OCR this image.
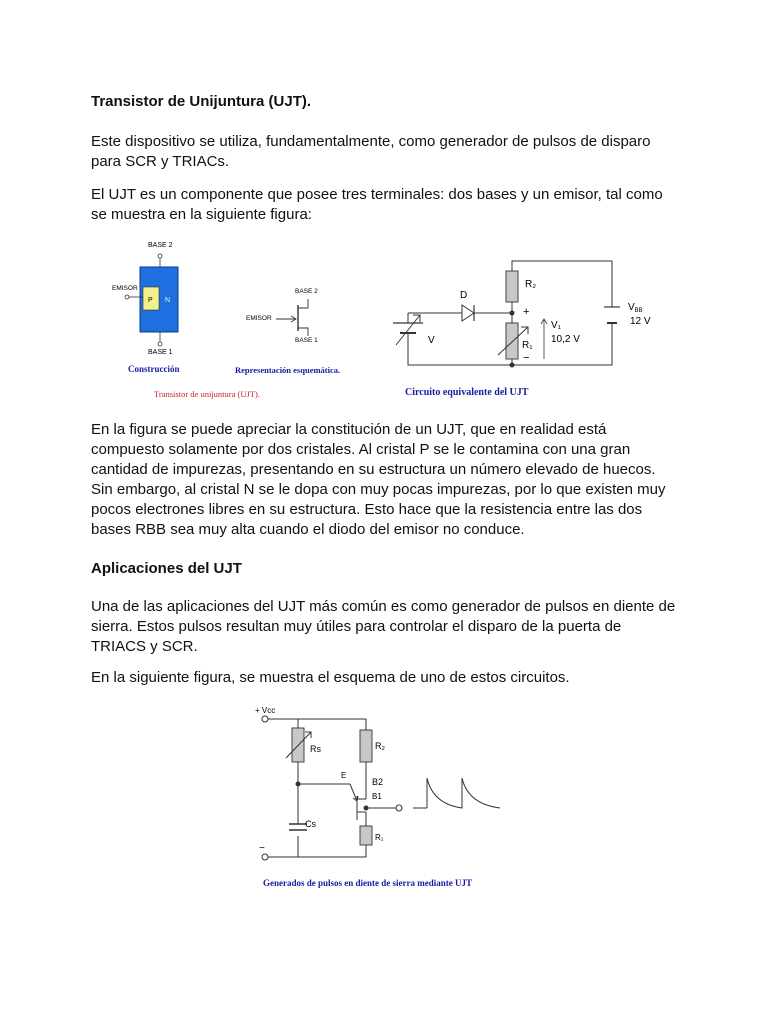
Transistor de Unijuntura (UJT).
Este dispositivo se utiliza, fundamentalmente, como generador de pulsos de disparo
para SCR y TRIACs.
El UJT es un componente que posee tres terminales: dos bases y un emisor, tal como
se muestra en la siguiente figura:
BASE 2
P N
EMISOR
BASE 1
Construcción
BASE 2
EMISOR
BASE 1
Representación esquemática.
Transistor de unijuntura (UJT).
D
R₂
+
R₁
−
V₁
10,2 V
$V_{BB}$
12 V
V
Circuito equivalente del UJT
En la figura se puede apreciar la constitución de un UJT, que en realidad está
compuesto solamente por dos cristales. Al cristal P se le contamina con una gran
cantidad de impurezas, presentando en su estructura un número elevado de huecos.
Sin embargo, al cristal N se le dopa con muy pocas impurezas, por lo que existen muy
pocos electrones libres en su estructura. Esto hace que la resistencia entre las dos
bases RBB sea muy alta cuando el diodo del emisor no conduce.
Aplicaciones del UJT
Una de las aplicaciones del UJT más común es como generador de pulsos en diente de
sierra. Estos pulsos resultan muy útiles para controlar el disparo de la puerta de
TRIACS y SCR.
En la siguiente figura, se muestra el esquema de uno de estos circuitos.
+ Vcc
Rs	R₂
E
B2
B1
Cs
R₁
−
Generados de pulsos en diente de sierra mediante UJT
